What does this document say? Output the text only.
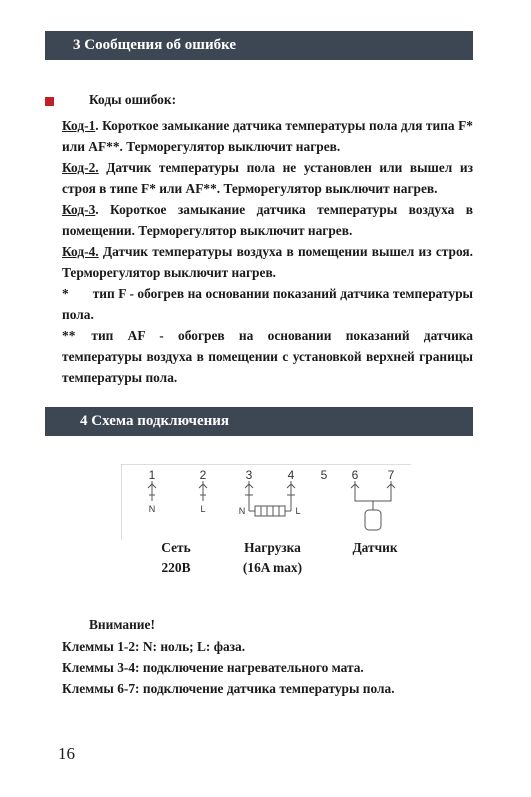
3 Сообщения об ошибке
Коды ошибок:

Код-1. Короткое замыкание датчика температуры пола для типа F* или AF**. Терморегулятор выключит нагрев.

Код-2. Датчик температуры пола не установлен или вышел из строя в типе F* или AF**. Терморегулятор выключит нагрев.

Код-3. Короткое замыкание датчика температуры воздуха в помещении. Терморегулятор выключит нагрев.

Код-4. Датчик температуры воздуха в помещении вышел из строя. Терморегулятор выключит нагрев.

* тип F - обогрев на основании показаний датчика температуры пола.

** тип AF - обогрев на основании показаний датчика температуры воздуха в помещении с установкой верхней границы температуры пола.

4 Схема подключения
1	2	3	4 5 6 7
N	L	N	L
Сеть
220В
Нагрузка
(16A max)
Датчик
Внимание!
Клеммы 1-2: N: ноль; L: фаза.
Клеммы 3-4: подключение нагревательного мата.
Клеммы 6-7: подключение датчика температуры пола.
16
